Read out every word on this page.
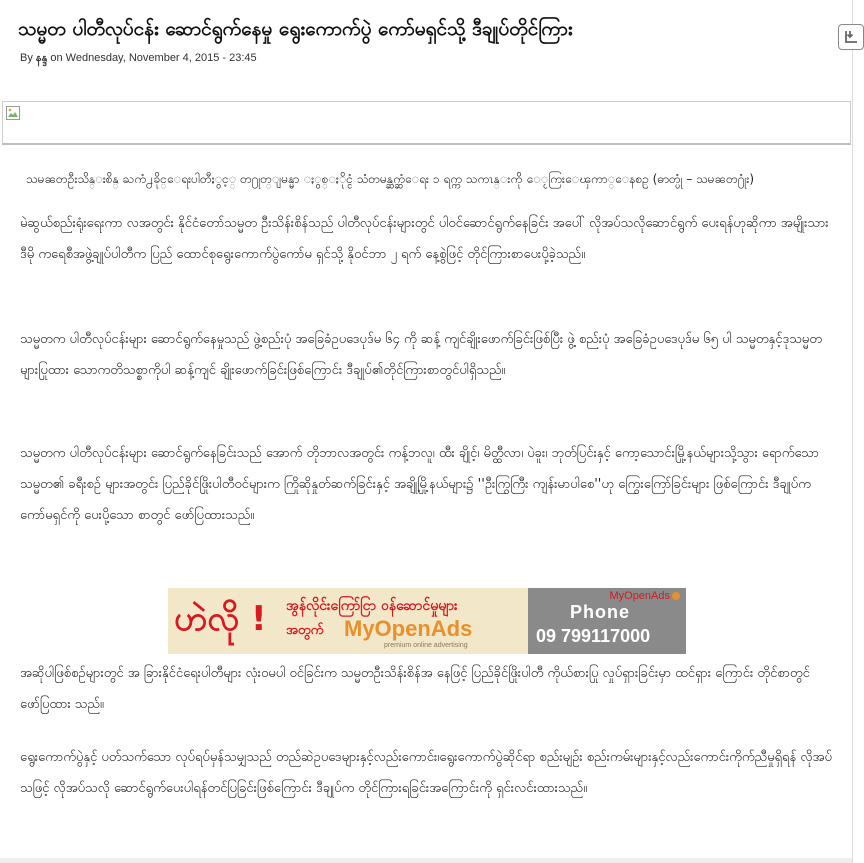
သမ္မတ ပါတီလုပ်ငန်း ဆောင်ရွက်နေမှု ရွေးကောက်ပွဲ ကော်မရှင်သို့ ဒီချုပ်တိုင်ကြား
By နန္ဒ on Wednesday, November 4, 2015 - 23:45

သမၼတဦးသိန္းစိန္ ႀကံ႕ခိုင္ေရးပါတီႏွင့္ တ႐ုတ္ျမန္မာ ႏွစ္ႏိုင္ငံ သံတမန္ဆက္ဆံေရး ၁ ရက္က သကၤန္းကို ေႂကြးေၾကာ္ေနစဥ္ (ဓာတ္ပုံ – သမၼတ႐ုံး)

မဲဆွယ်စည်းရုံးရေးကာ လအတွင်း နိုင်ငံတော်သမ္မတ ဦးသိန်းစိန်သည် ပါတီလုပ်ငန်းများတွင် ပါဝင်ဆောင်ရွက်နေခြင်း အပေါ် လိုအပ်သလိုဆောင်ရွက် ပေးရန်ဟုဆိုကာ အမျိုးသားဒီမို ကရေစီအဖွဲ့ချုပ်ပါတီက ပြည် ထောင်စုရွေးကောက်ပွဲကော်မ ရှင်သို့ နိုဝင်ဘာ ၂ ရက် နေ့စွဲဖြင့် တိုင်ကြားစာပေးပို့ခဲ့သည်။

သမ္မတက ပါတီလုပ်ငန်းများ ဆောင်ရွက်နေမှုသည် ဖွဲ့စည်းပုံ အခြေခံဥပဒေပုဒ်မ ၆၄ ကို ဆန့် ကျင်ချိုးဖောက်ခြင်းဖြစ်ပြီး ဖွဲ့ စည်းပုံ အခြေခံဥပဒေပုဒ်မ ၆၅ ပါ သမ္မတနှင့်ဒုသမ္မတများပြုထား သောကတိသစ္စာကိုပါ ဆန့်ကျင် ချိုးဖောက်ခြင်းဖြစ်ကြောင်း ဒီချုပ်၏တိုင်ကြားစာတွင်ပါရှိသည်။

သမ္မတက ပါတီလုပ်ငန်းများ ဆောင်ရွက်နေခြင်းသည် အောက် တိုဘာလအတွင်း ကန့်ဘလူ၊ ထီး ချိုင့်၊ မိတ္ထီလာ၊ ပဲခူး၊ ဘုတ်ပြင်းနှင့် ကော့သောင်းမြို့နယ်များသို့သွား ရောက်သော သမ္မတ၏ ခရီးစဉ် များအတွင်း ပြည်ခိုင်ဖြိုးပါတီဝင်များက ကြိုဆိုနှုတ်ဆက်ခြင်းနှင့် အချို့မြို့နယ်များ၌ ''ဦးကြွကြီး ကျန်းမာပါစေ''ဟု ကြွေးကြော်ခြင်းများ ဖြစ်ကြောင်း ဒီချုပ်က ကော်မရှင်ကို ပေးပို့သော စာတွင် ဖော်ပြထားသည်။

ဟဲလို ! အွန်လိုင်းကြော်ငြာ ဝန်ဆောင်မှုများ
အတွက် MyOpenAds
premium online advertising
MyOpenAds
Phone
09 799117000

အဆိုပါဖြစ်စဉ်များတွင် အ ခြားနိုင်ငံရေးပါတီများ လုံးဝမပါ ဝင်ခြင်းက သမ္မတဦးသိန်းစိန်အ နေဖြင့် ပြည်ခိုင်ဖြိုးပါတီ ကိုယ်စားပြု လှုပ်ရှားခြင်းမှာ ထင်ရှား ကြောင်း တိုင်စာတွင် ဖော်ပြထား သည်။

ရွေးကောက်ပွဲနှင့် ပတ်သက်သော လုပ်ရပ်မှန်သမျှသည် တည်ဆဲဥပဒေများနှင့်လည်းကောင်း၊ရွေးကောက်ပွဲဆိုင်ရာ စည်းမျဉ်း စည်းကမ်းများနှင့်လည်းကောင်းကိုက်ညီမှုရှိရန် လိုအပ်သဖြင့် လိုအပ်သလို ဆောင်ရွက်ပေးပါရန်တင်ပြခြင်းဖြစ်ကြောင်း ဒီချုပ်က တိုင်ကြားရခြင်းအကြောင်းကို ရှင်းလင်းထားသည်။
